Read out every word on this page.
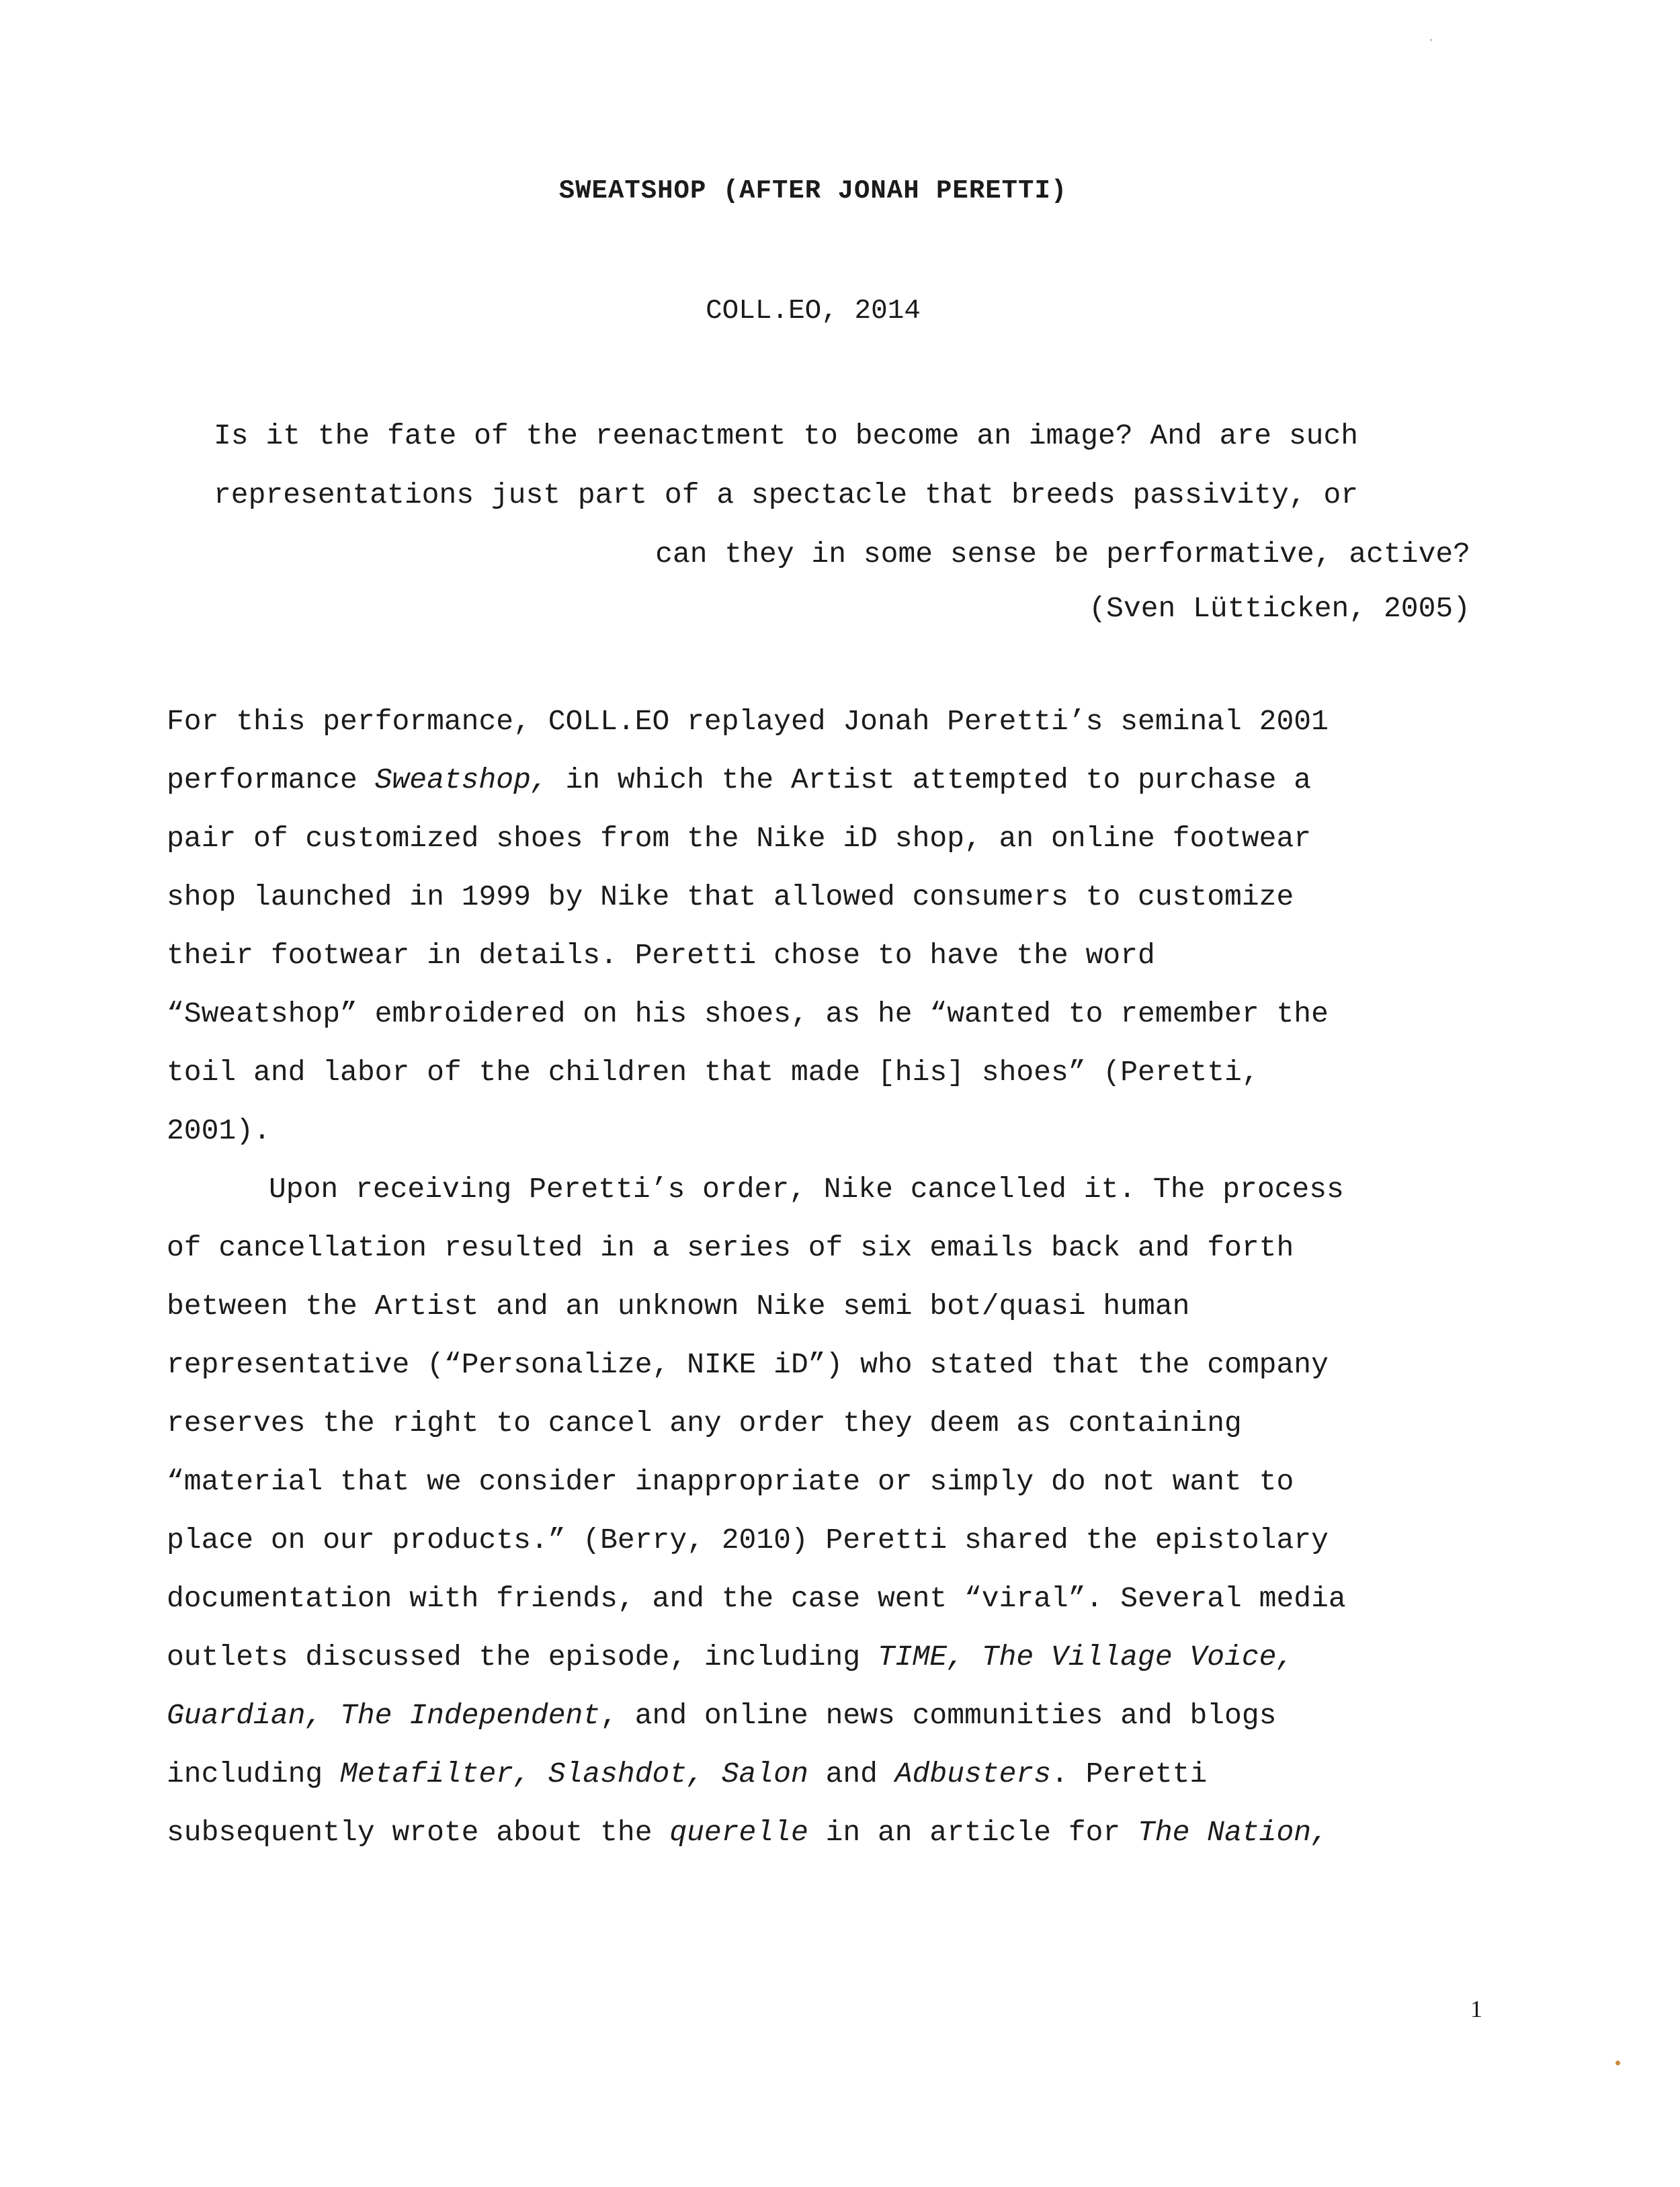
SWEATSHOP (AFTER JONAH PERETTI)

COLL.EO, 2014

Is it the fate of the reenactment to become an image? And are such
representations just part of a spectacle that breeds passivity, or
can they in some sense be performative, active?

(Sven Lütticken, 2005)

For this performance, COLL.EO replayed Jonah Peretti’s seminal 2001
performance Sweatshop, in which the Artist attempted to purchase a
pair of customized shoes from the Nike iD shop, an online footwear
shop launched in 1999 by Nike that allowed consumers to customize
their footwear in details. Peretti chose to have the word
“Sweatshop” embroidered on his shoes, as he “wanted to remember the
toil and labor of the children that made [his] shoes” (Peretti,
2001).
Upon receiving Peretti’s order, Nike cancelled it. The process
of cancellation resulted in a series of six emails back and forth
between the Artist and an unknown Nike semi bot/quasi human
representative (“Personalize, NIKE iD”) who stated that the company
reserves the right to cancel any order they deem as containing
“material that we consider inappropriate or simply do not want to
place on our products.” (Berry, 2010) Peretti shared the epistolary
documentation with friends, and the case went “viral”. Several media
outlets discussed the episode, including TIME, The Village Voice,
Guardian, The Independent, and online news communities and blogs
including Metafilter, Slashdot, Salon and Adbusters. Peretti
subsequently wrote about the querelle in an article for The Nation,

1
